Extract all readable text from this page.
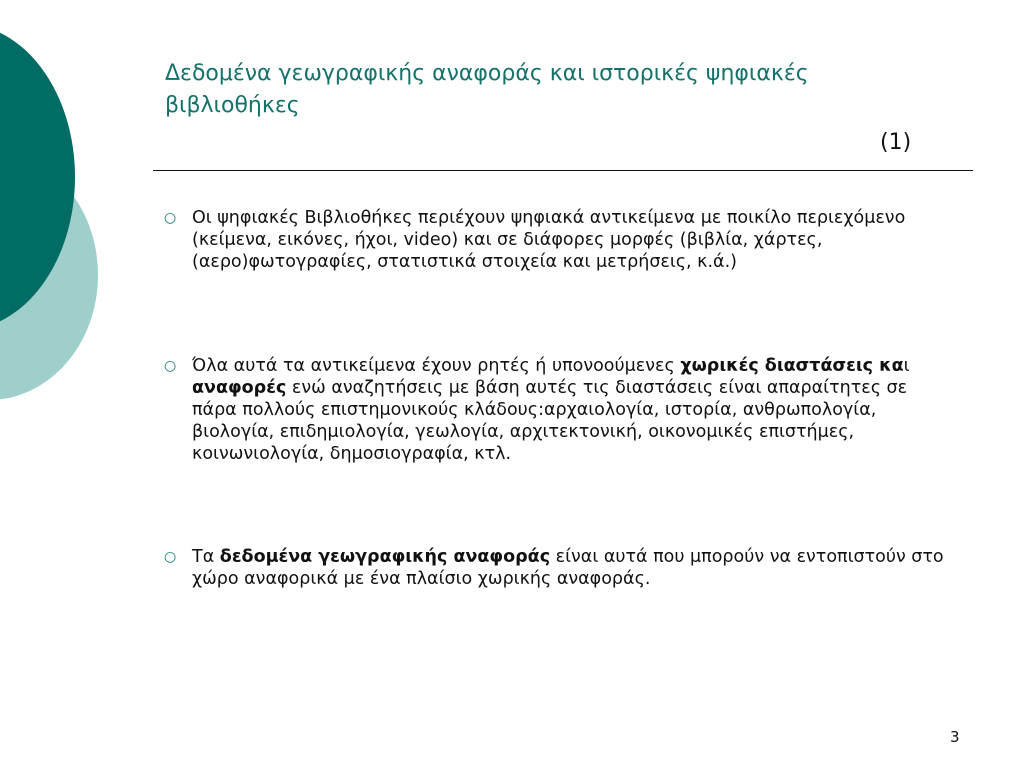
Δεδομένα γεωγραφικής αναφοράς και ιστορικές ψηφιακές βιβλιοθήκες
(1)
○ Οι ψηφιακές Βιβλιοθήκες περιέχουν ψηφιακά αντικείμενα με ποικίλο περιεχόμενο (κείμενα, εικόνες, ήχοι, video) και σε διάφορες μορφές (βιβλία, χάρτες, (αερο)φωτογραφίες, στατιστικά στοιχεία και μετρήσεις, κ.ά.)
○ Όλα αυτά τα αντικείμενα έχουν ρητές ή υπονοούμενες χωρικές διαστάσεις και αναφορές ενώ αναζητήσεις με βάση αυτές τις διαστάσεις είναι απαραίτητες σε πάρα πολλούς επιστημονικούς κλάδους:αρχαιολογία, ιστορία, ανθρωπολογία, βιολογία, επιδημιολογία, γεωλογία, αρχιτεκτονική, οικονομικές επιστήμες, κοινωνιολογία, δημοσιογραφία, κτλ.
○ Τα δεδομένα γεωγραφικής αναφοράς είναι αυτά που μπορούν να εντοπιστούν στο χώρο αναφορικά με ένα πλαίσιο χωρικής αναφοράς.
3
